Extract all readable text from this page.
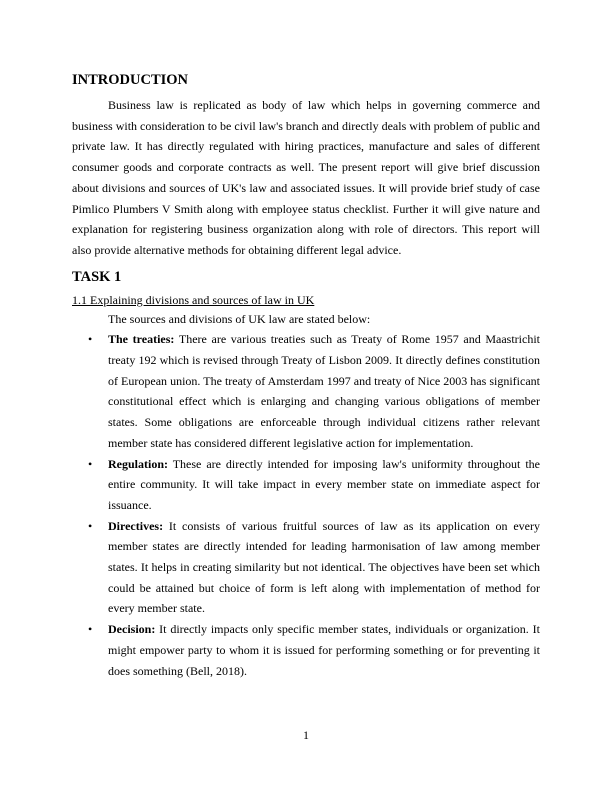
INTRODUCTION

Business law is replicated as body of law which helps in governing commerce and business with consideration to be civil law's branch and directly deals with problem of public and private law. It has directly regulated with hiring practices, manufacture and sales of different consumer goods and corporate contracts as well. The present report will give brief discussion about divisions and sources of UK's law and associated issues. It will provide brief study of case Pimlico Plumbers V Smith along with employee status checklist. Further it will give nature and explanation for registering business organization along with role of directors. This report will also provide alternative methods for obtaining different legal advice.

TASK 1

1.1 Explaining divisions and sources of law in UK

The sources and divisions of UK law are stated below:

• The treaties: There are various treaties such as Treaty of Rome 1957 and Maastrichit treaty 192 which is revised through Treaty of Lisbon 2009. It directly defines constitution of European union. The treaty of Amsterdam 1997 and treaty of Nice 2003 has significant constitutional effect which is enlarging and changing various obligations of member states. Some obligations are enforceable through individual citizens rather relevant member state has considered different legislative action for implementation.
• Regulation: These are directly intended for imposing law's uniformity throughout the entire community. It will take impact in every member state on immediate aspect for issuance.
• Directives: It consists of various fruitful sources of law as its application on every member states are directly intended for leading harmonisation of law among member states. It helps in creating similarity but not identical. The objectives have been set which could be attained but choice of form is left along with implementation of method for every member state.
• Decision: It directly impacts only specific member states, individuals or organization. It might empower party to whom it is issued for performing something or for preventing it does something (Bell, 2018).
1
